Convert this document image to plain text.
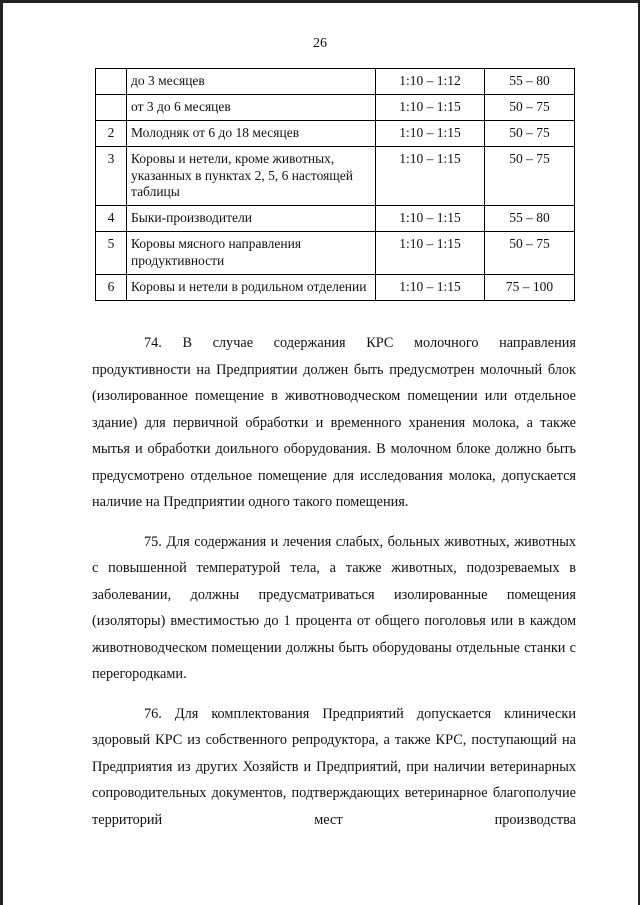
26
	до 3 месяцев	1:10 – 1:12	55 – 80
	от 3 до 6 месяцев	1:10 – 1:15	50 – 75
2	Молодняк от 6 до 18 месяцев	1:10 – 1:15	50 – 75
3	Коровы и нетели, кроме животных, указанных в пунктах 2, 5, 6 настоящей таблицы	1:10 – 1:15	50 – 75
4	Быки-производители	1:10 – 1:15	55 – 80
5	Коровы мясного направления продуктивности	1:10 – 1:15	50 – 75
6	Коровы и нетели в родильном отделении	1:10 – 1:15	75 – 100

74. В случае содержания КРС молочного направления продуктивности на Предприятии должен быть предусмотрен молочный блок (изолированное помещение в животноводческом помещении или отдельное здание) для первичной обработки и временного хранения молока, а также мытья и обработки доильного оборудования. В молочном блоке должно быть предусмотрено отдельное помещение для исследования молока, допускается наличие на Предприятии одного такого помещения.

75. Для содержания и лечения слабых, больных животных, животных с повышенной температурой тела, а также животных, подозреваемых в заболевании, должны предусматриваться изолированные помещения (изоляторы) вместимостью до 1 процента от общего поголовья или в каждом животноводческом помещении должны быть оборудованы отдельные станки с перегородками.

76. Для комплектования Предприятий допускается клинически здоровый КРС из собственного репродуктора, а также КРС, поступающий на Предприятия из других Хозяйств и Предприятий, при наличии ветеринарных сопроводительных документов, подтверждающих ветеринарное благополучие территорий мест производства
